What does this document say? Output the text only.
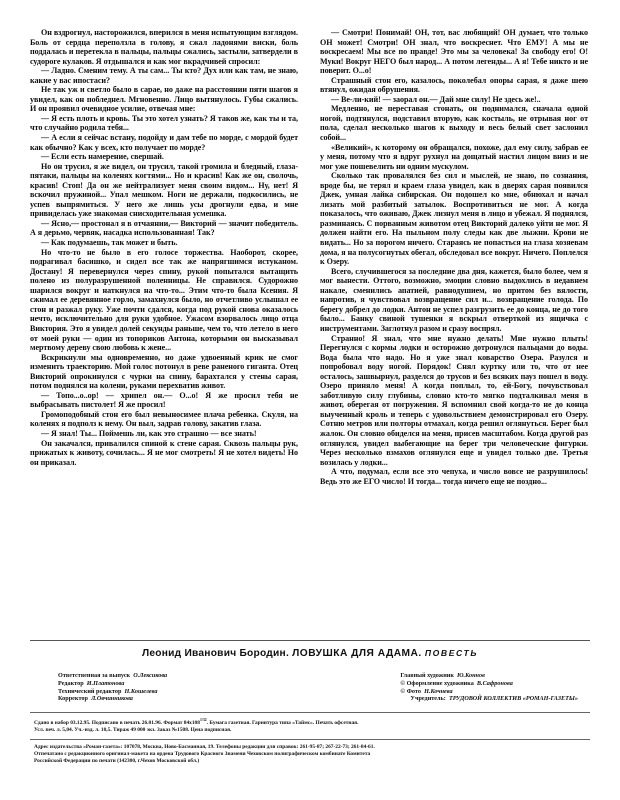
Он вздрогнул, насторожился, вперился в меня испытующим взглядом. Боль от сердца переползла в голову, я сжал ладонями виски, боль поддалась и перетекла в пальцы, пальцы сжались, застыли, затвердели в судороге кулаков. Я отдышался и как мог вкрадчивей спросил:

— Ладно. Сменим тему. А ты сам... Ты кто? Дух или как там, не знаю, какие у вас ипостаси?

Не так уж и светло было в сарае, но даже на расстоянии пяти шагов я увидел, как он побледнел. Мгновенно. Лицо вытянулось. Губы сжались. И он проявил очевидное усилие, отвечая мне:

— Я есть плоть и кровь. Ты это хотел узнать? Я таков же, как ты и та, что случайно родила тебя...

— А если я сейчас встану, подойду и дам тебе по морде, с мордой будет как обычно? Как у всех, кто получает по морде?

— Если есть намерение, свершай.

Но он трусил, я же видел, он трусил, такой громила и бледный, глаза-пятаки, пальцы на коленях когтями... Но и красив! Как же он, сволочь, красив! Стоп! Да он же нейтрализует меня своим видом... Ну, нет! Я вскочил пружиной... Упал мешком. Ноги не держали, подкосились, не успев выпрямиться. У него же лишь усы дрогнули едва, и мне привиделась уже знакомая снисходительная усмешка.

— Ясно,— простонал я в отчаянии,— Викторий — значит победитель. А я дерьмо, червяк, насадка использованная! Так?

— Как подумаешь, так может и быть.

Но что-то не было в его голосе торжества. Наоборот, скорее, подрагивал басишко, и сидел все так же напрягшимся истуканом. Достану! Я перевернулся через спину, рукой попытался вытащить полено из полуразрушенной поленницы. Не справился. Судорожно шарился вокруг и наткнулся на что-то... Этим что-то была Ксения. Я сжимал ее деревянное горло, замахнулся было, но отчетливо услышал ее стон и разжал руку. Уже почти сдался, когда под рукой снова оказалось нечто, исключительно для руки удобное. Ужасом взорвалось лицо отца Виктория. Это я увидел долей секунды раньше, чем то, что летело в него от моей руки — один из топориков Антона, которыми он высказывал мертвому дереву свою любовь к жене...

Вскрикнули мы одновременно, но даже удвоенный крик не смог изменить траекторию. Мой голос потонул в реве раненого гиганта. Отец Викторий опрокинулся с чурки на спину, барахтался у стены сарая, потом поднялся на колени, руками перехватив живот.

— Топо...о..ор! — хрипел он.— О...о! Я же просил тебя не выбрасывать пистолет! Я же просил!

Громоподобный стон его был невыносимее плача ребенка. Скуля, на коленях я подполз к нему. Он выл, задрав голову, закатив глаза.

— Я знал! Ты... Поймешь ли, как это страшно — все знать!

Он закачался, привалился спиной к стене сарая. Сквозь пальцы рук, прижатых к животу, сочилась... Я не мог смотреть! Я не хотел видеть! Но он приказал.

— Смотри! Понимай! ОН, тот, вас любящий! ОН думает, что только ОН может! Смотри! ОН знал, что воскреснет. Что ЕМУ! А мы не воскресаем! Мы все по правде! Это мы за человека! За свободу его! О! Муки! Вокруг НЕГО был народ... А потом легенды... А я! Тебе никто и не поверит. О...о!

Страшный стон его, казалось, поколебал опоры сарая, я даже шею втянул, ожидая обрушения.

— Ве-ли-кий! — заорал он.— Дай мне силу! Не здесь же!..

Медленно, не переставая стонать, он поднимался, сначала одной ногой, подтянулся, подставил вторую, как костыль, не отрывая ног от пола, сделал несколько шагов к выходу и весь белый свет заслонил собой...

«Великий», к которому он обращался, похоже, дал ему силу, забрав ее у меня, потому что я вдруг рухнул на дощатый настил лицом вниз и не мог уже пошевелить ни одним мускулом.

Сколько так провалялся без сил и мыслей, не знаю, по сознания, вроде бы, не терял и краем глаза увидел, как в дверях сарая появился Джек, умная лайка сибирская. Он подошел ко мне, обнюхал и начал лизать мой разбитый затылок. Воспротивиться не мог. А когда показалось, что оживаю, Джек лизнул меня в лицо и убежал. Я поднялся, разминаясь. С порванным животом отец Викторий далеко уйти не мог. Я должен найти его. На пыльном полу следы как две лыжни. Крови не видать... Но за порогом ничего. Стараясь не попасться на глаза хозяевам дома, я на полусогнутых обегал, обследовал все вокруг. Ничего. Поплелся к Озеру.

Всего, случившегося за последние два дня, кажется, было более, чем я мог вынести. Оттого, возможно, эмоции словно выдохлись в недавнем накале, сменились апатией, равнодушием, но притом без вялости, напротив, я чувствовал возвращение сил и... возвращение голода. По берегу добрел до лодки. Антон не успел разгрузить ее до конца, не до того было... Банку свиной тушенки я вскрыл отверткой из ящичка с инструментами. Заглотнул разом и сразу воспрял.

Странно! Я знал, что мне нужно делать! Мне нужно плыть! Перегнулся с кормы лодки и осторожно дотронулся пальцами до воды. Вода была что надо. Но я уже знал коварство Озера. Разулся и попробовал воду ногой. Порядок! Снял куртку или то, что от нее осталось, зашвырнул, разделся до трусов и без всяких пауз пошел в воду. Озеро приняло меня! А когда поплыл, то, ей-Богу, почувствовал заботливую силу глубины, словно кто-то мягко подталкивал меня в живот, оберегая от погружения. Я вспомнил свой когда-то не до конца выученный кроль и теперь с удовольствием демонстрировал его Озеру. Сотню метров или полторы отмахал, когда решил оглянуться. Берег был жалок. Он словно обиделся на меня, присев масштабом. Когда другой раз оглянулся, увидел выбегающие на берег три человеческие фигурки. Через несколько взмахов оглянулся еще и увидел только две. Третья возилась у лодки...

А что, подумал, если все это чепуха, и число вовсе не разрушилось! Ведь это же ЕГО число! И тогда... тогда ничего еще не поздно...

Леонид Иванович Бородин. ЛОВУШКА ДЛЯ АДАМА. ПОВЕСТЬ
Ответственная за выпуск О.Лексикова
Редактор И.Платонова
Технический редактор Н.Кошелева
Корректор Л.Овчинникова
Главный художник Ю.Коннов
© Оформление художника В.Сафронова
© Фото Н.Кочнева
Учредитель: ТРУДОВОЙ КОЛЛЕКТИВ «РОМАН-ГАЗЕТЫ»
Сдано в набор 03.12.95. Подписано в печать 26.01.96. Формат $84х108^{1/32}$. Бумага газетная. Гарнитура типа «Таймс». Печать офсетная.
Усл. печ. л. 5,04. Уч.-изд. л. 10,5. Тираж 49 000 экз. Заказ №1508. Цена подписная.
Адрес издательства «Роман-газета»: 107078, Москва, Ново-Басманная, 19. Телефоны редакции для справок: 261-95-87; 267-22-73; 261-84-61.
Отпечатано с редакционного оригинал-макета на ордена Трудового Красного Знамени Чеховском полиграфическом комбинате Комитета
Российской Федерации по печати (142300, г.Чехов Московской обл.)
